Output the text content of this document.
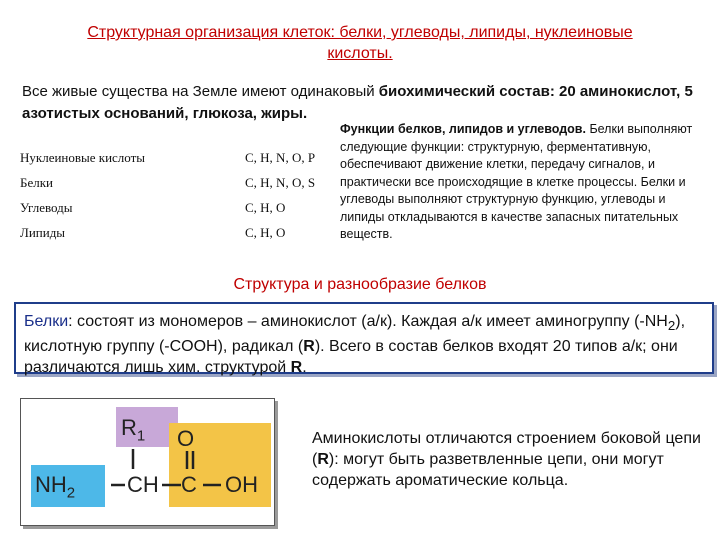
Структурная организация клеток: белки, углеводы, липиды, нуклеиновые кислоты.
Все живые существа на Земле имеют одинаковый биохимический состав: 20 аминокислот, 5 азотистых оснований, глюкоза, жиры.
Нуклеиновые кислоты	C, H, N, O, P
Белки	C, H, N, O, S
Углеводы	C, H, O
Липиды	C, H, O
Функции белков, липидов и углеводов. Белки выполняют следующие функции: структурную, ферментативную, обеспечивают движение клетки, передачу сигналов, и практически все происходящие в клетке процессы. Белки и углеводы выполняют структурную функцию, углеводы и липиды откладываются в качестве запасных питательных веществ.
Структура и разнообразие белков
Белки: состоят из мономеров – аминокислот (а/к). Каждая а/к имеет аминогруппу $(-NH_2)$, кислотную группу (-COOH), радикал (R). Всего в состав белков входят 20 типов а/к; они различаются лишь хим. структурой R.
$R_1$ O
$NH_2$ CH C OH
Аминокислоты отличаются строением боковой цепи (R): могут быть разветвленные цепи, они могут содержать ароматические кольца.
